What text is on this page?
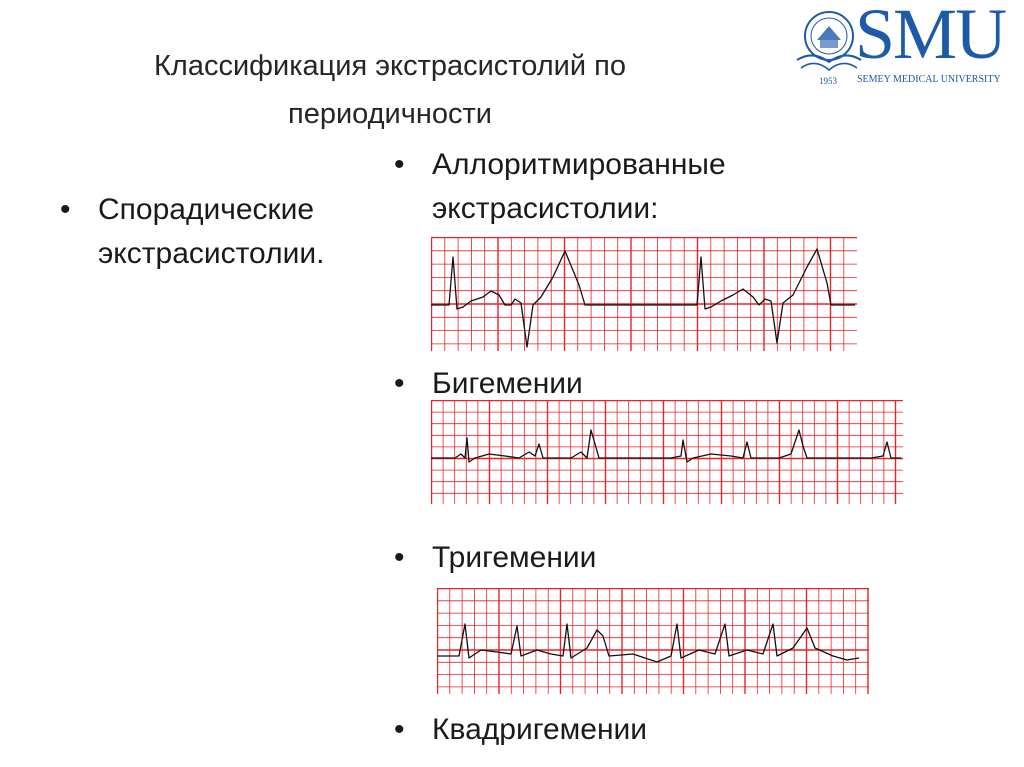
Классификация экстрасистолий по периодичности
SMU
1953 SEMEY MEDICAL UNIVERSITY
• Спорадические экстрасистолии.
• Аллоритмированные экстрасистолии:
• Бигемении
• Тригемении
• Квадригемении
